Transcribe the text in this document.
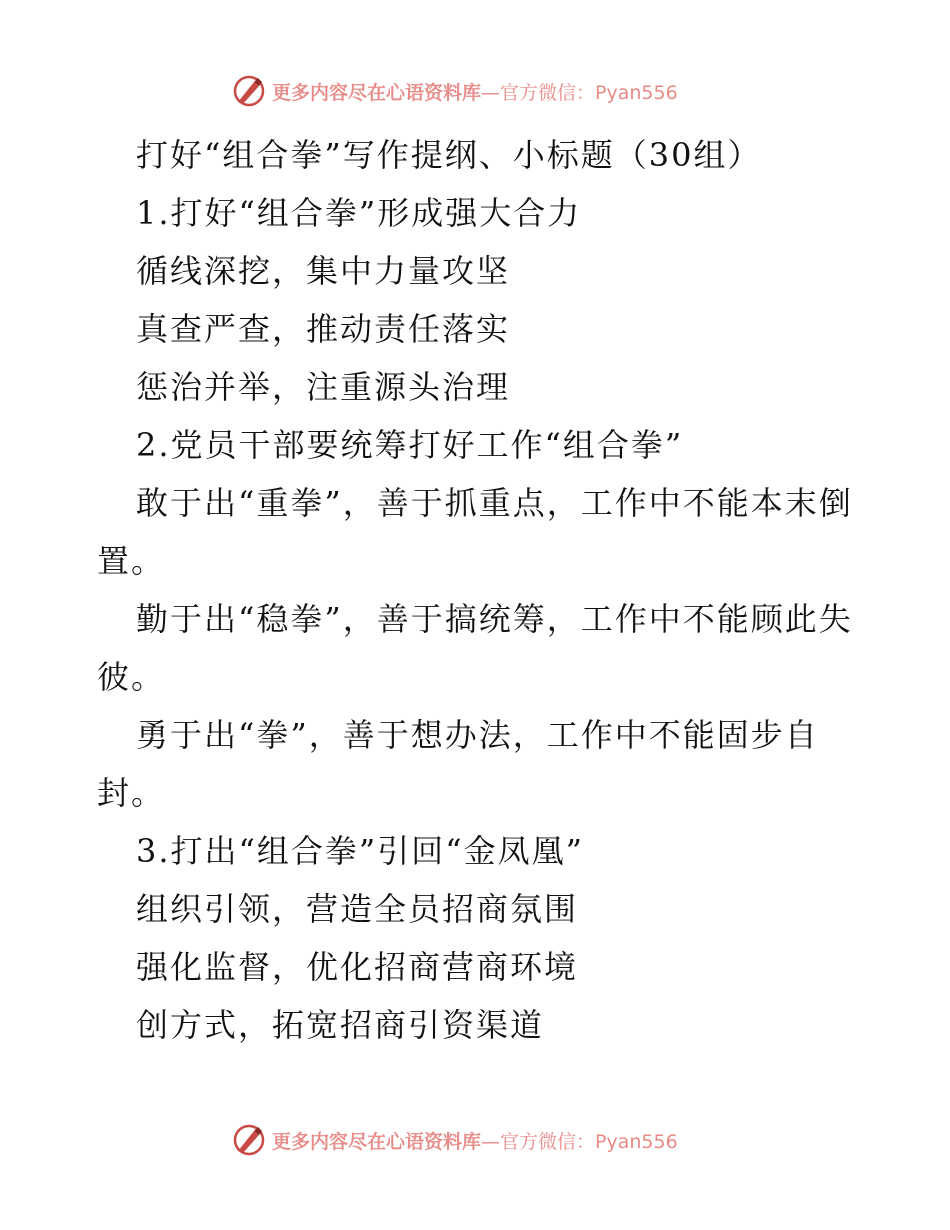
更多内容尽在心语资料库 —官方微信：Pyan556

打好“组合拳”写作提纲、小标题（30组）

1.打好“组合拳”形成强大合力

循线深挖，集中力量攻坚

真查严查，推动责任落实

惩治并举，注重源头治理

2.党员干部要统筹打好工作“组合拳”

敢于出“重拳”，善于抓重点，工作中不能本末倒置。

勤于出“稳拳”，善于搞统筹，工作中不能顾此失彼。

勇于出“拳”，善于想办法，工作中不能固步自封。

3.打出“组合拳”引回“金凤凰”

组织引领，营造全员招商氛围

强化监督，优化招商营商环境

创方式，拓宽招商引资渠道

更多内容尽在心语资料库 —官方微信：Pyan556
